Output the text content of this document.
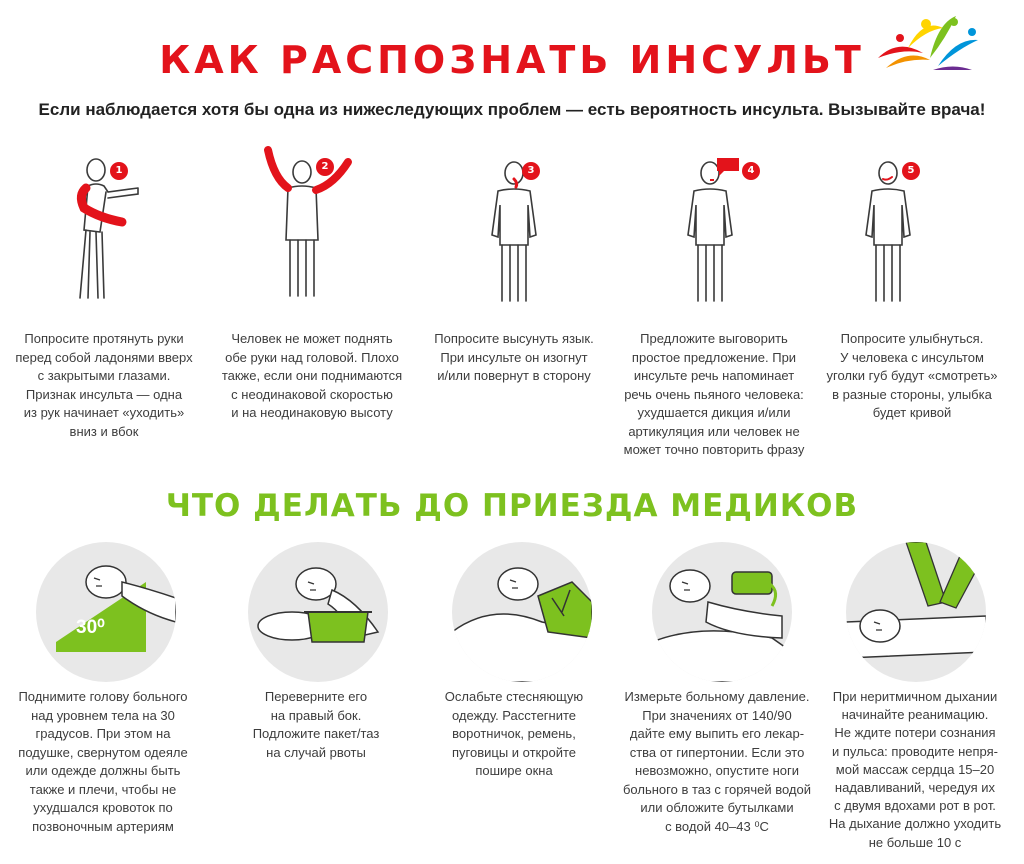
КАК РАСПОЗНАТЬ ИНСУЛЬТ
Если наблюдается хотя бы одна из нижеследующих проблем — есть вероятность инсульта. Вызывайте врача!
1	2	3	4	5
Попросите протянуть руки
перед собой ладонями вверх
с закрытыми глазами.
Признак инсульта — одна
из рук начинает «уходить»
вниз и вбок
Человек не может поднять
обе руки над головой. Плохо
также, если они поднимаются
с неодинаковой скоростью
и на неодинаковую высоту
Попросите высунуть язык.
При инсульте он изогнут
и/или повернут в сторону
Предложите выговорить
простое предложение. При
инсульте речь напоминает
речь очень пьяного человека:
ухудшается дикция и/или
артикуляция или человек не
может точно повторить фразу
Попросите улыбнуться.
У человека с инсультом
уголки губ будут «смотреть»
в разные стороны, улыбка
будет кривой
ЧТО ДЕЛАТЬ ДО ПРИЕЗДА МЕДИКОВ
30⁰
Поднимите голову больного
над уровнем тела на 30
градусов. При этом на
подушке, свернутом одеяле
или одежде должны быть
также и плечи, чтобы не
ухудшался кровоток по
позвоночным артериям
Переверните его
на правый бок.
Подложите пакет/таз
на случай рвоты
Ослабьте стесняющую
одежду. Расстегните
воротничок, ремень,
пуговицы и откройте
пошире окна
Измерьте больному давление.
При значениях от 140/90
дайте ему выпить его лекар-
ства от гипертонии. Если это
невозможно, опустите ноги
больного в таз с горячей водой
или обложите бутылками
с водой 40–43 ⁰С
При неритмичном дыхании
начинайте реанимацию.
Не ждите потери сознания
и пульса: проводите непря-
мой массаж сердца 15–20
надавливаний, чередуя их
с двумя вдохами рот в рот.
На дыхание должно уходить
не больше 10 с
